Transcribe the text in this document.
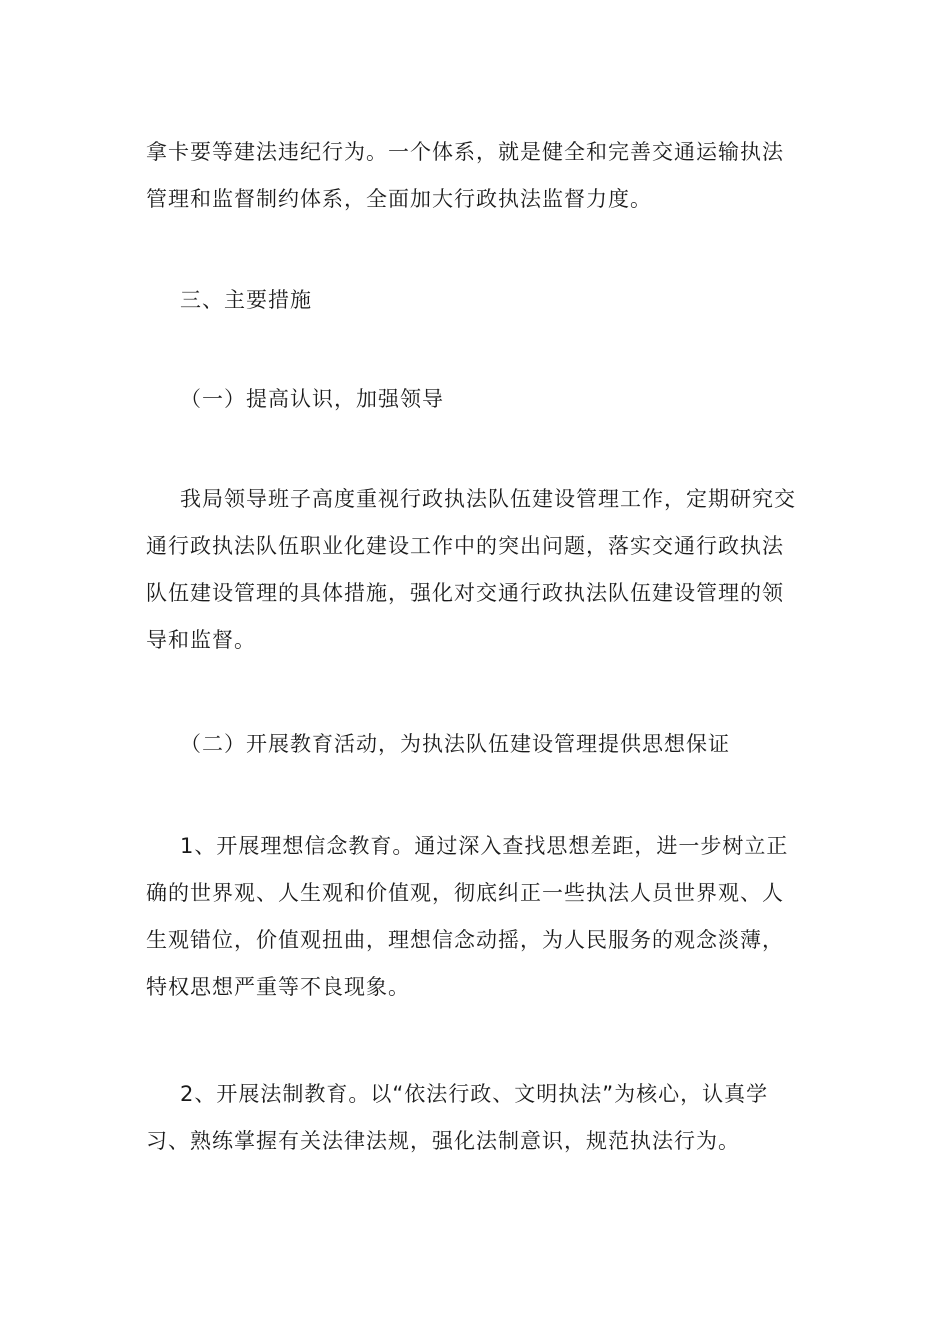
拿卡要等建法违纪行为。一个体系，就是健全和完善交通运输执法
管理和监督制约体系，全面加大行政执法监督力度。

三、主要措施

（一）提高认识，加强领导

我局领导班子高度重视行政执法队伍建设管理工作，定期研究交
通行政执法队伍职业化建设工作中的突出问题，落实交通行政执法
队伍建设管理的具体措施，强化对交通行政执法队伍建设管理的领
导和监督。

（二）开展教育活动，为执法队伍建设管理提供思想保证

1、开展理想信念教育。通过深入查找思想差距，进一步树立正
确的世界观、人生观和价值观，彻底纠正一些执法人员世界观、人
生观错位，价值观扭曲，理想信念动摇，为人民服务的观念淡薄，
特权思想严重等不良现象。

2、开展法制教育。以“依法行政、文明执法”为核心，认真学
习、熟练掌握有关法律法规，强化法制意识，规范执法行为。
